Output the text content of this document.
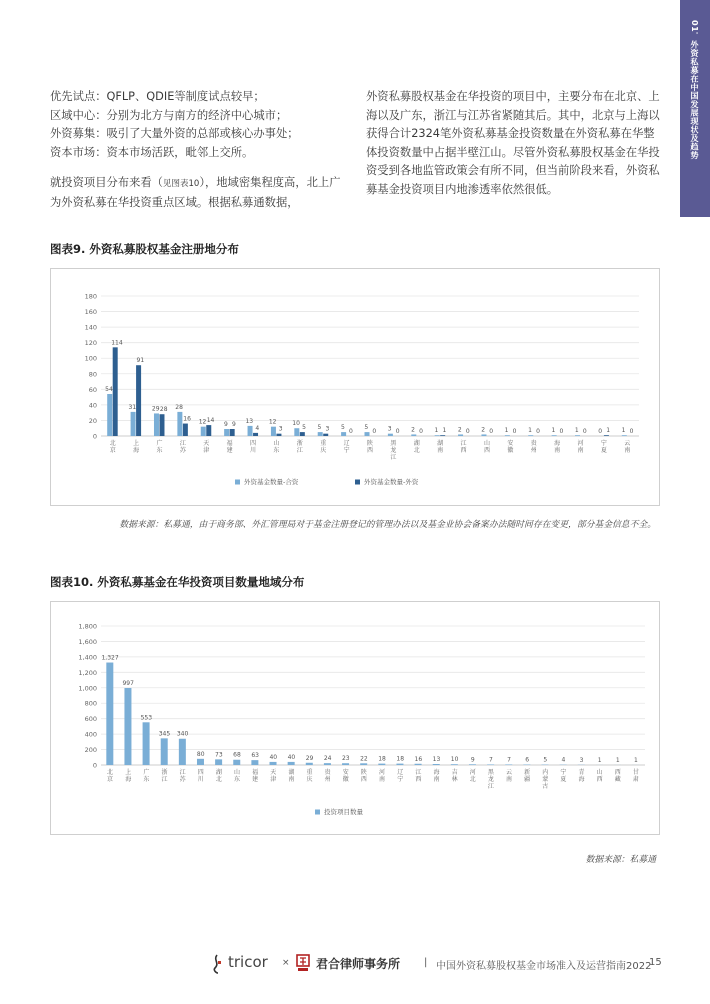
01．外资私募在中国发展现状及趋势

优先试点：QFLP、QDIE等制度试点较早；

区域中心：分别为北方与南方的经济中心城市；

外资募集：吸引了大量外资的总部或核心办事处；

资本市场：资本市场活跃，毗邻上交所。

就投资项目分布来看（见图表10），地域密集程度高，北上广为外资私募在华投资重点区域。根据私募通数据，

外资私募股权基金在华投资的项目中，主要分布在北京、上海以及广东，浙江与江苏省紧随其后。其中，北京与上海以获得合计2324笔外资私募基金投资数量在外资私募在华整体投资数量中占据半壁江山。尽管外资私募股权基金在华投资受到各地监管政策会有所不同，但当前阶段来看，外资私募基金投资项目内地渗透率依然很低。

图表9. 外资私募股权基金注册地分布
0
20
40
60
80
100
120
140
160
180
54
114
北京
31
91
上海
29 28
广东
28
16
江苏
12 14
天津
9 9
福建
13
4
四川
12
3
山东
10
5
浙江
5 3
重庆
5
0
辽宁
5
0
陕西
3 0
黑龙江
2 0
湖北
1 1
湖南
2 0
江西
2 0
山西
1 0
安徽
1 0
贵州
1 0
海南
1 0
河南
0 1
宁夏
1 0
云南
外资基金数量-合资	外资基金数量-外资
数据来源：私募通，由于商务部、外汇管理局对于基金注册登记的管理办法以及基金业协会备案办法随时间存在变更，部分基金信息不全。
图表10. 外资私募基金在华投资项目数量地域分布
0
200
400
600
800
1,000
1,200
1,400
1,600
1,800
1,327
北京
997
上海
553
广东
345
浙江
340
江苏
80
四川
73
湖北
68
山东
63
福建
40
天津
40
湖南
29
重庆
24
贵州
23
安徽
22
陕西
18
河南
18
辽宁
16
江西
13
海南
10
吉林
9
河北
7
黑龙江
7
云南
6
新疆
5
内蒙古
4
宁夏
3
青海
1
山西
1
西藏
1
甘肃
投资项目数量
数据来源：私募通
tricor × 君合律师事务所 | 中国外资私募股权基金市场准入及运营指南2022
15
